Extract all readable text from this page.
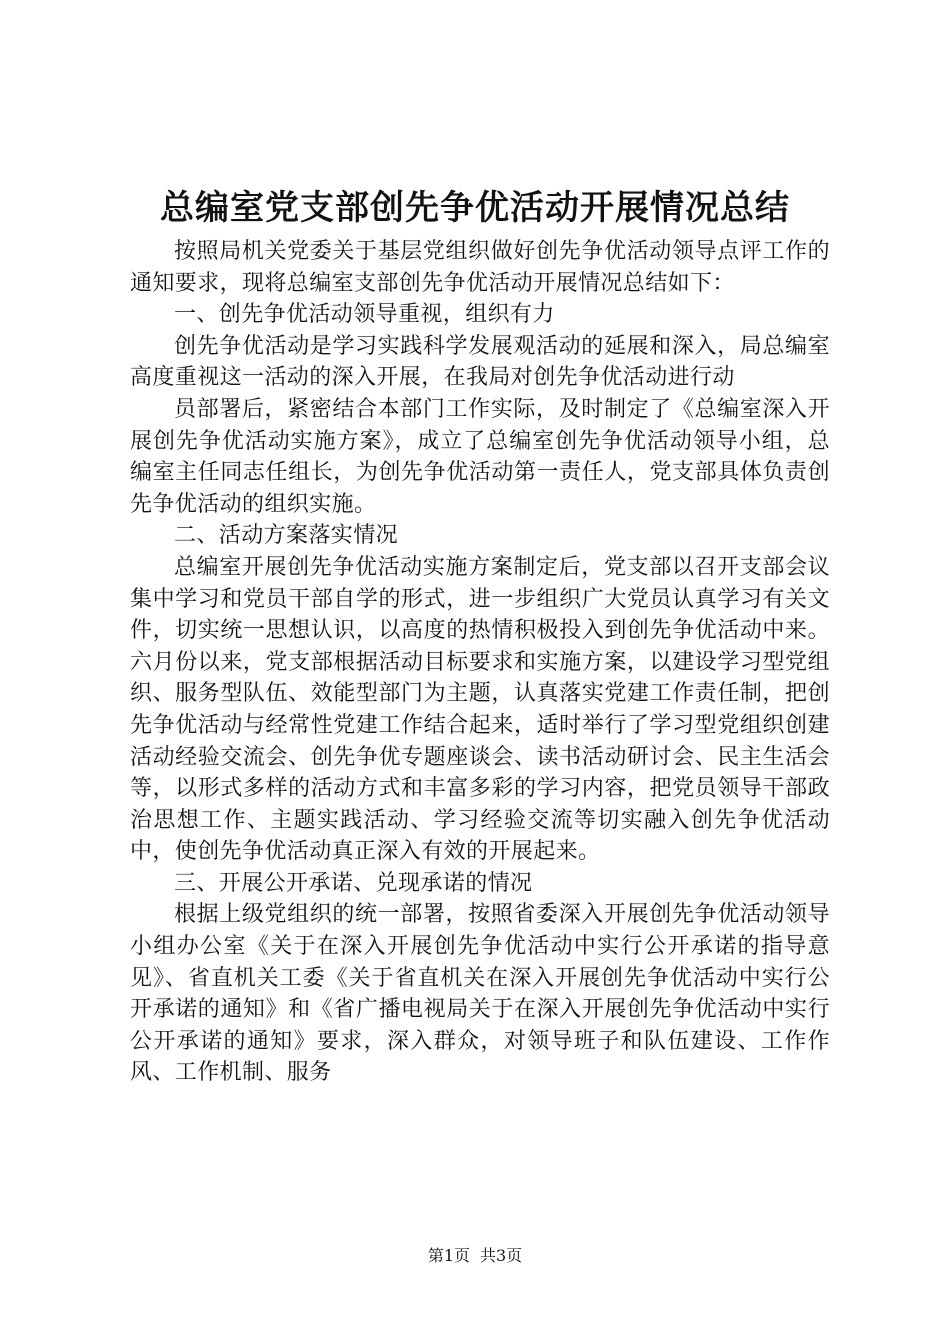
总编室党支部创先争优活动开展情况总结

按照局机关党委关于基层党组织做好创先争优活动领导点评工作的通知要求，现将总编室支部创先争优活动开展情况总结如下：

一、创先争优活动领导重视，组织有力

创先争优活动是学习实践科学发展观活动的延展和深入，局总编室高度重视这一活动的深入开展，在我局对创先争优活动进行动

员部署后，紧密结合本部门工作实际，及时制定了《总编室深入开展创先争优活动实施方案》，成立了总编室创先争优活动领导小组，总编室主任同志任组长，为创先争优活动第一责任人，党支部具体负责创先争优活动的组织实施。

二、活动方案落实情况

总编室开展创先争优活动实施方案制定后，党支部以召开支部会议集中学习和党员干部自学的形式，进一步组织广大党员认真学习有关文件，切实统一思想认识，以高度的热情积极投入到创先争优活动中来。六月份以来，党支部根据活动目标要求和实施方案，以建设学习型党组织、服务型队伍、效能型部门为主题，认真落实党建工作责任制，把创先争优活动与经常性党建工作结合起来，适时举行了学习型党组织创建活动经验交流会、创先争优专题座谈会、读书活动研讨会、民主生活会等，以形式多样的活动方式和丰富多彩的学习内容，把党员领导干部政治思想工作、主题实践活动、学习经验交流等切实融入创先争优活动中，使创先争优活动真正深入有效的开展起来。

三、开展公开承诺、兑现承诺的情况

根据上级党组织的统一部署，按照省委深入开展创先争优活动领导小组办公室《关于在深入开展创先争优活动中实行公开承诺的指导意见》、省直机关工委《关于省直机关在深入开展创先争优活动中实行公开承诺的通知》和《省广播电视局关于在深入开展创先争优活动中实行公开承诺的通知》要求，深入群众，对领导班子和队伍建设、工作作风、工作机制、服务

第1页 共3页
